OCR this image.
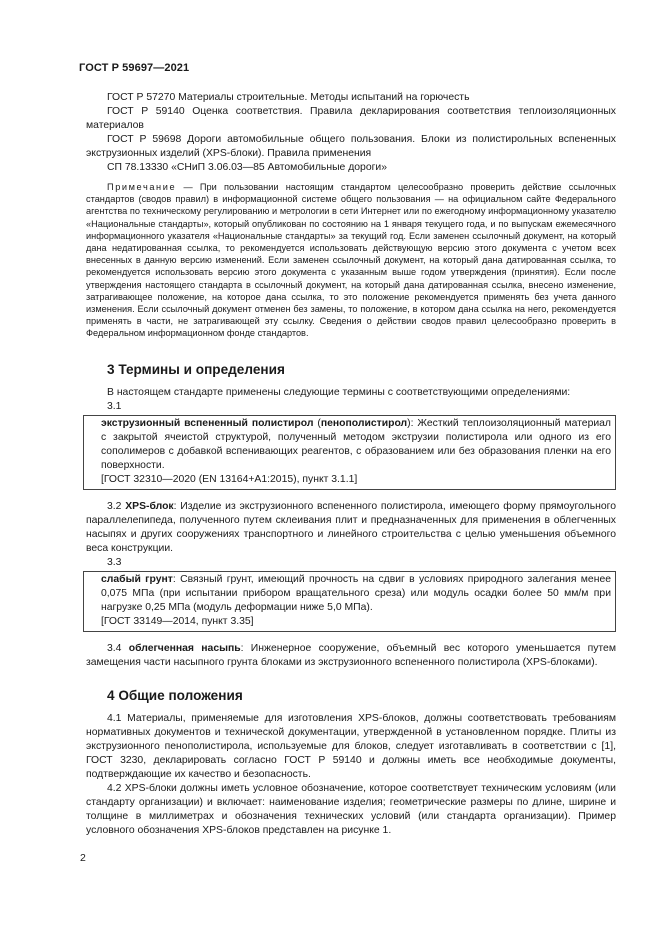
ГОСТ Р 59697—2021

ГОСТ Р 57270 Материалы строительные. Методы испытаний на горючесть

ГОСТ Р 59140 Оценка соответствия. Правила декларирования соответствия теплоизоляционных материалов

ГОСТ Р 59698 Дороги автомобильные общего пользования. Блоки из полистирольных вспененных экструзионных изделий (XPS-блоки). Правила применения

СП 78.13330 «СНиП 3.06.03—85 Автомобильные дороги»

Примечание — При пользовании настоящим стандартом целесообразно проверить действие ссылочных стандартов (сводов правил) в информационной системе общего пользования — на официальном сайте Федерального агентства по техническому регулированию и метрологии в сети Интернет или по ежегодному информационному указателю «Национальные стандарты», который опубликован по состоянию на 1 января текущего года, и по выпускам ежемесячного информационного указателя «Национальные стандарты» за текущий год. Если заменен ссылочный документ, на который дана недатированная ссылка, то рекомендуется использовать действующую версию этого документа с учетом всех внесенных в данную версию изменений. Если заменен ссылочный документ, на который дана датированная ссылка, то рекомендуется использовать версию этого документа с указанным выше годом утверждения (принятия). Если после утверждения настоящего стандарта в ссылочный документ, на который дана датированная ссылка, внесено изменение, затрагивающее положение, на которое дана ссылка, то это положение рекомендуется применять без учета данного изменения. Если ссылочный документ отменен без замены, то положение, в котором дана ссылка на него, рекомендуется применять в части, не затрагивающей эту ссылку. Сведения о действии сводов правил целесообразно проверить в Федеральном информационном фонде стандартов.

3 Термины и определения

В настоящем стандарте применены следующие термины с соответствующими определениями:

3.1

экструзионный вспененный полистирол (пенополистирол): Жесткий теплоизоляционный материал с закрытой ячеистой структурой, полученный методом экструзии полистирола или одного из его сополимеров с добавкой вспенивающих реагентов, с образованием или без образования пленки на его поверхности.

[ГОСТ 32310—2020 (EN 13164+A1:2015), пункт 3.1.1]

3.2 XPS-блок: Изделие из экструзионного вспененного полистирола, имеющего форму прямоугольного параллелепипеда, полученного путем склеивания плит и предназначенных для применения в облегченных насыпях и других сооружениях транспортного и линейного строительства с целью уменьшения объемного веса конструкции.

3.3

слабый грунт: Связный грунт, имеющий прочность на сдвиг в условиях природного залегания менее 0,075 МПа (при испытании прибором вращательного среза) или модуль осадки более 50 мм/м при нагрузке 0,25 МПа (модуль деформации ниже 5,0 МПа).

[ГОСТ 33149—2014, пункт 3.35]

3.4 облегченная насыпь: Инженерное сооружение, объемный вес которого уменьшается путем замещения части насыпного грунта блоками из экструзионного вспененного полистирола (XPS-блоками).

4 Общие положения

4.1 Материалы, применяемые для изготовления XPS-блоков, должны соответствовать требованиям нормативных документов и технической документации, утвержденной в установленном порядке. Плиты из экструзионного пенополистирола, используемые для блоков, следует изготавливать в соответствии с [1], ГОСТ 3230, декларировать согласно ГОСТ Р 59140 и должны иметь все необходимые документы, подтверждающие их качество и безопасность.

4.2 XPS-блоки должны иметь условное обозначение, которое соответствует техническим условиям (или стандарту организации) и включает: наименование изделия; геометрические размеры по длине, ширине и толщине в миллиметрах и обозначения технических условий (или стандарта организации). Пример условного обозначения XPS-блоков представлен на рисунке 1.

2
